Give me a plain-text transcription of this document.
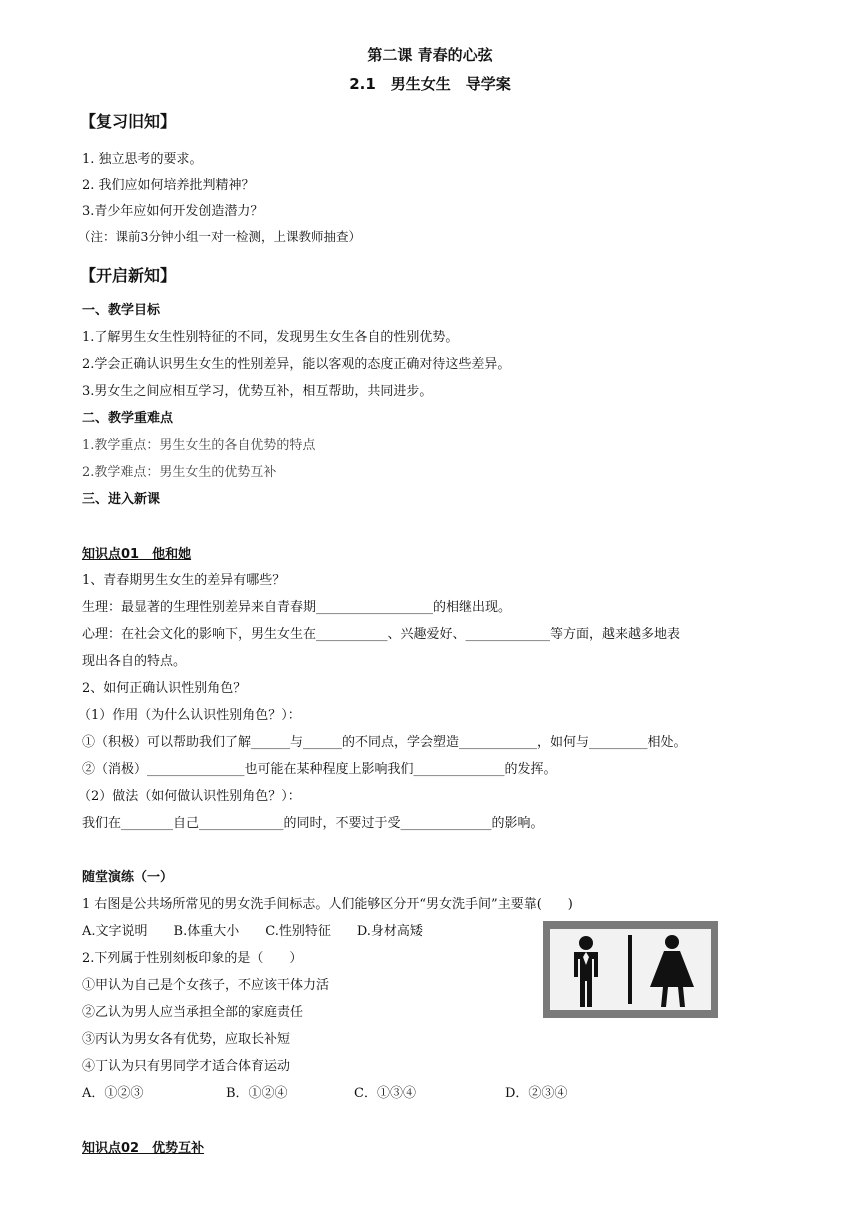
第二课 青春的心弦
2.1　男生女生　导学案
【复习旧知】
1. 独立思考的要求。
2. 我们应如何培养批判精神？
3.青少年应如何开发创造潜力？
（注：课前3分钟小组一对一检测，上课教师抽查）
【开启新知】
一、教学目标
1.了解男生女生性别特征的不同，发现男生女生各自的性别优势。
2.学会正确认识男生女生的性别差异，能以客观的态度正确对待这些差异。
3.男女生之间应相互学习，优势互补，相互帮助，共同进步。
二、教学重难点
1.教学重点：男生女生的各自优势的特点
2.教学难点：男生女生的优势互补
三、进入新课
知识点01　他和她
1、青春期男生女生的差异有哪些？
生理：最显著的生理性别差异来自青春期__________________的相继出现。
心理：在社会文化的影响下，男生女生在___________、兴趣爱好、_____________等方面，越来越多地表
现出各自的特点。
2、如何正确认识性别角色？
（1）作用（为什么认识性别角色？）：
①（积极）可以帮助我们了解______与______的不同点，学会塑造____________，如何与_________相处。
②（消极）_______________也可能在某种程度上影响我们______________的发挥。
（2）做法（如何做认识性别角色？）：
我们在________自己_____________的同时，不要过于受______________的影响。
随堂演练（一）
1 右图是公共场所常见的男女洗手间标志。人们能够区分开“男女洗手间”主要靠(　　)
A.文字说明　　B.体重大小　　C.性别特征　　D.身材高矮
2.下列属于性别刻板印象的是（　　）
①甲认为自己是个女孩子，不应该干体力活
②乙认为男人应当承担全部的家庭责任
③丙认为男女各有优势，应取长补短
④丁认为只有男同学才适合体育运动
A．①②③	B．①②④	C．①③④	D．②③④
知识点02　优势互补
